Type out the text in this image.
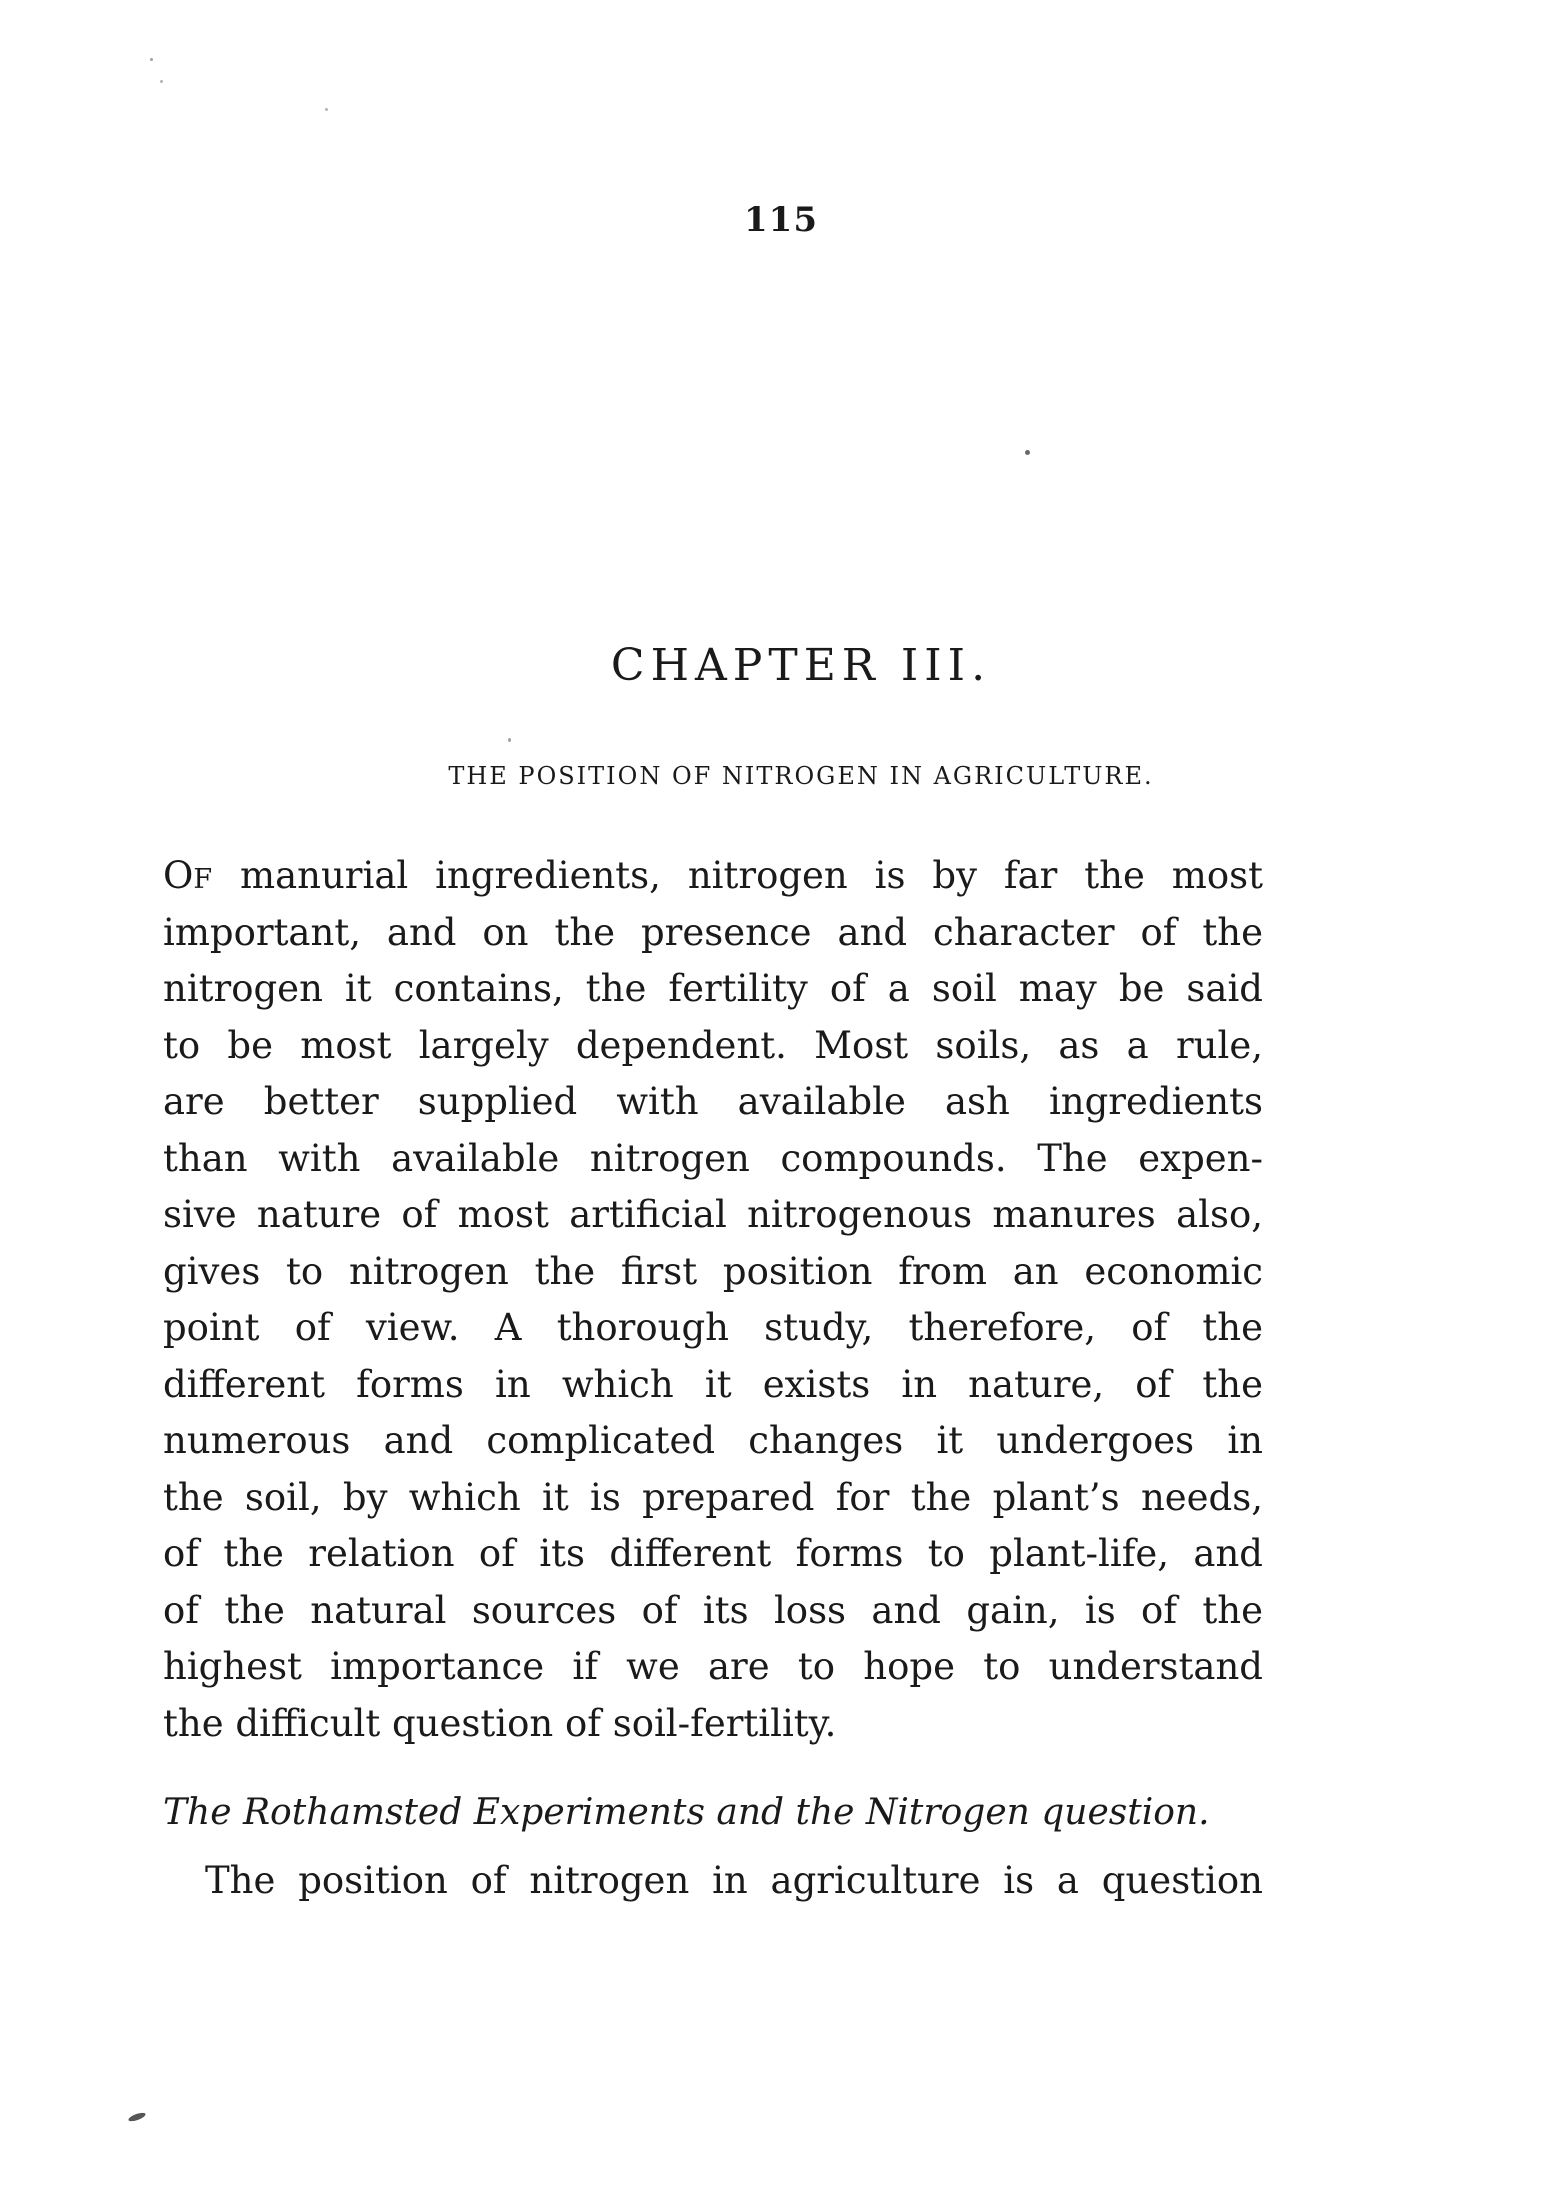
115
CHAPTER III.
THE POSITION OF NITROGEN IN AGRICULTURE.
OF manurial ingredients, nitrogen is by far the most
important, and on the presence and character of the
nitrogen it contains, the fertility of a soil may be said
to be most largely dependent. Most soils, as a rule,
are better supplied with available ash ingredients
than with available nitrogen compounds. The expen-
sive nature of most artificial nitrogenous manures also,
gives to nitrogen the first position from an economic
point of view. A thorough study, therefore, of the
different forms in which it exists in nature, of the
numerous and complicated changes it undergoes in
the soil, by which it is prepared for the plant’s needs,
of the relation of its different forms to plant-life, and
of the natural sources of its loss and gain, is of the
highest importance if we are to hope to understand
the difficult question of soil-fertility.
The Rothamsted Experiments and the Nitrogen question.
The position of nitrogen in agriculture is a question
